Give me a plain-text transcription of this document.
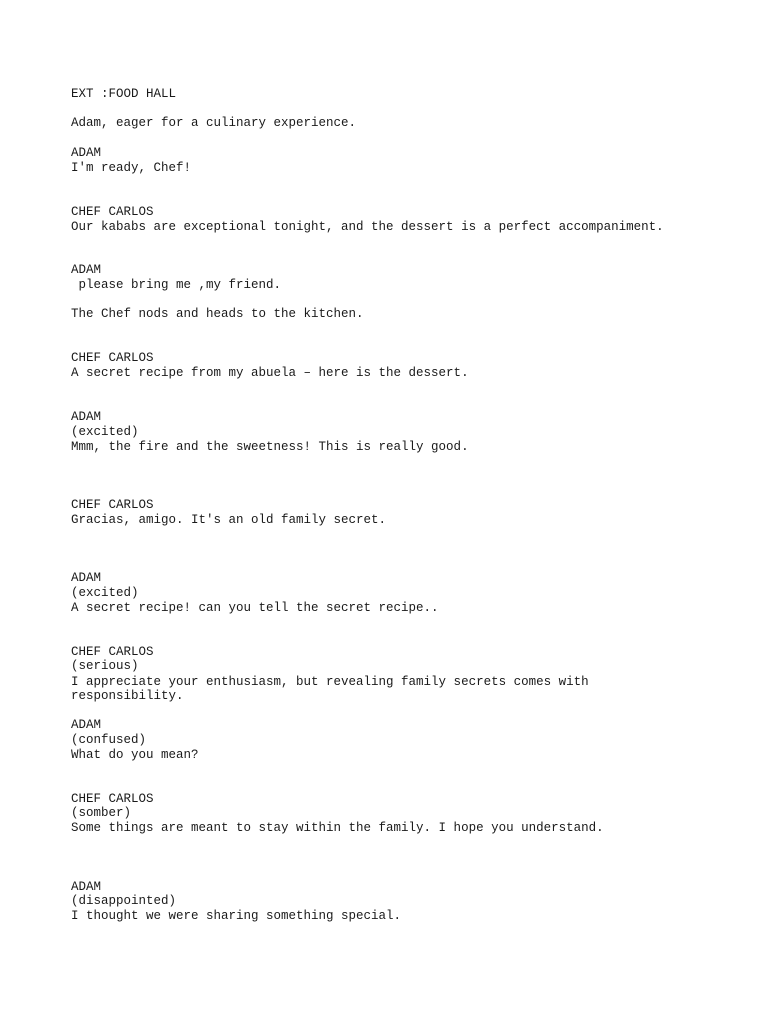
EXT :FOOD HALL

Adam, eager for a culinary experience.

ADAM

I'm ready, Chef!

CHEF CARLOS

Our kababs are exceptional tonight, and the dessert is a perfect accompaniment.

ADAM

please bring me ,my friend.

The Chef nods and heads to the kitchen.

CHEF CARLOS

A secret recipe from my abuela – here is the dessert.

ADAM

(excited)

Mmm, the fire and the sweetness! This is really good.

CHEF CARLOS

Gracias, amigo. It's an old family secret.

ADAM

(excited)

A secret recipe! can you tell the secret recipe..

CHEF CARLOS

(serious)

I appreciate your enthusiasm, but revealing family secrets comes with

responsibility.

ADAM

(confused)

What do you mean?

CHEF CARLOS

(somber)

Some things are meant to stay within the family. I hope you understand.

ADAM

(disappointed)

I thought we were sharing something special.
